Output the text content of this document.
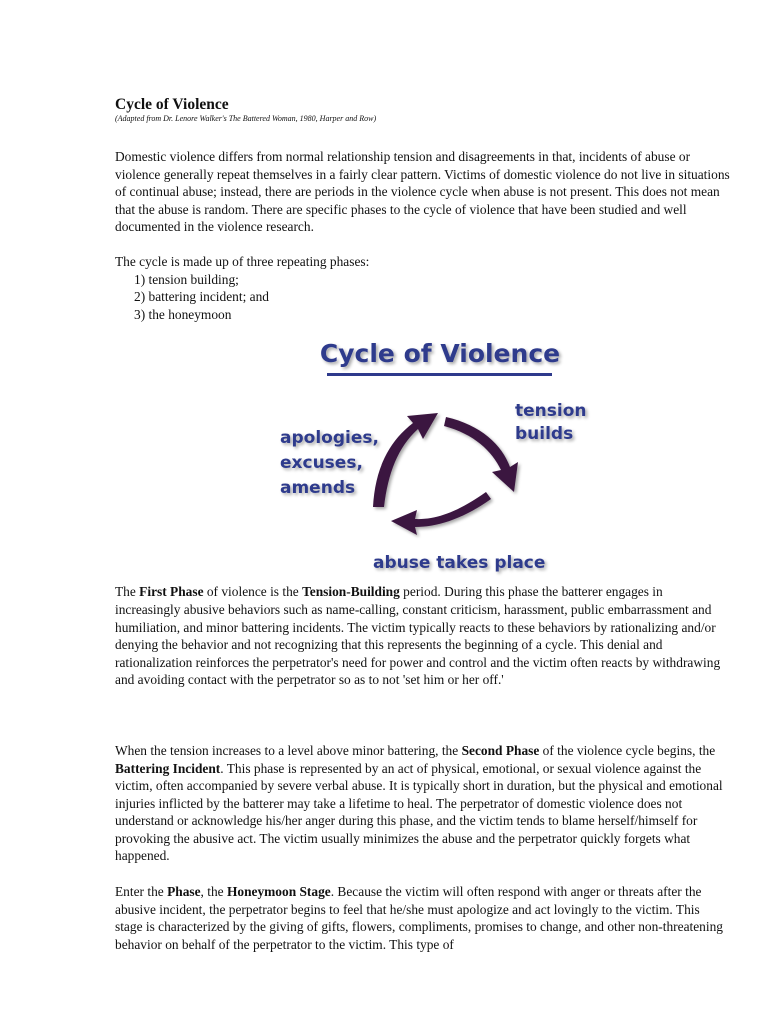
Cycle of Violence
(Adapted from Dr. Lenore Walker's The Battered Woman, 1980, Harper and Row)

Domestic violence differs from normal relationship tension and disagreements in that, incidents of abuse or violence generally repeat themselves in a fairly clear pattern. Victims of domestic violence do not live in situations of continual abuse; instead, there are periods in the violence cycle when abuse is not present. This does not mean that the abuse is random. There are specific phases to the cycle of violence that have been studied and well documented in the violence research.

The cycle is made up of three repeating phases:

1) tension building;
2) battering incident; and
3) the honeymoon
Cycle of Violence
tension builds
apologies, excuses, amends
abuse takes place

The First Phase of violence is the Tension-Building period. During this phase the batterer engages in increasingly abusive behaviors such as name-calling, constant criticism, harassment, public embarrassment and humiliation, and minor battering incidents. The victim typically reacts to these behaviors by rationalizing and/or denying the behavior and not recognizing that this represents the beginning of a cycle. This denial and rationalization reinforces the perpetrator's need for power and control and the victim often reacts by withdrawing and avoiding contact with the perpetrator so as to not 'set him or her off.'

When the tension increases to a level above minor battering, the Second Phase of the violence cycle begins, the Battering Incident. This phase is represented by an act of physical, emotional, or sexual violence against the victim, often accompanied by severe verbal abuse. It is typically short in duration, but the physical and emotional injuries inflicted by the batterer may take a lifetime to heal. The perpetrator of domestic violence does not understand or acknowledge his/her anger during this phase, and the victim tends to blame herself/himself for provoking the abusive act. The victim usually minimizes the abuse and the perpetrator quickly forgets what happened.

Enter the Phase, the Honeymoon Stage. Because the victim will often respond with anger or threats after the abusive incident, the perpetrator begins to feel that he/she must apologize and act lovingly to the victim. This stage is characterized by the giving of gifts, flowers, compliments, promises to change, and other non-threatening behavior on behalf of the perpetrator to the victim. This type of
